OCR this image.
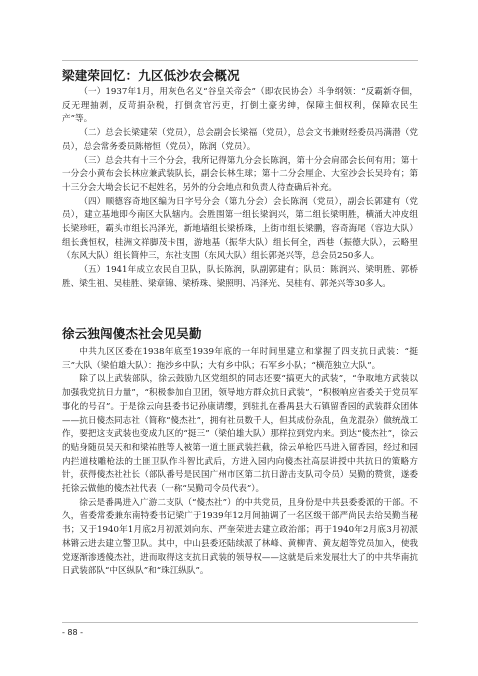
梁建荣回忆：九区低沙农会概况

（一）1937年1月，用灰色名义“谷皇关帝会”（即农民协会）斗争纲领：“反霸新夺佃，反无理抽剥，反苛捐杂税，打倒贪官污吏，打倒土豪劣绅，保障主佃权利，保障农民生产”等。

（二）总会长梁建荣（党员），总会副会长梁福（党员），总会文书兼财经委员冯满潜（党员），总会常务委员陈榕恒（党员），陈润（党员）。

（三）总会共有十三个分会，我所记得第九分会长陈润，第十分会肩邵会长何有用；第十一分会小黄布会长林应兼武装队长，副会长林生球；第十二分会厘企、大室沙会长吴玲有；第十三分会大坳会长记不起姓名，另外的分会地点和负责人待查确后补充。

（四）顺德容奇地区编为日字号分会（第九分会）会长陈润（党员），副会长郭建有（党员），建立基地即今南区大队辖内。会胜围第一组长梁润兴，第二组长梁明胜，横涌大冲皮组长梁珍旺，霸头市组长冯泽光，新地墙组长梁桥珠，上街市组长梁鹏，容奇海尾（容边大队）组长龚恒权，桂洲文祥脚茂卡围，游地基（振华大队）组长何全，西巷（振德大队），云略里（东风大队）组长简仲三，东社支围（东风大队）组长郭尧兴等，总会员250多人。

（五）1941年成立农民自卫队，队长陈润，队副郭建有；队员：陈润兴、梁明胜、郭桥胜、梁生祖、吴桂胜、梁章锦、梁桥珠、梁照明、冯泽光、吴桂有、郭尧兴等30多人。

徐云独闯傻杰社会见吴勤

中共九区区委在1938年底至1939年底的一年时间里建立和掌握了四支抗日武装：“挺三”大队（梁伯雄大队）：拖沙乡中队；大有乡中队；石军乡小队；“横范独立大队”。

除了以上武装部队，徐云鼓励九区党组织的同志还要“搞更大的武装”，“争取地方武装以加强我党抗日力量”，“积极参加自卫团，领导地方群众抗日武装”，“积极响应省委关于党员军事化的号召”。于是徐云向县委书记孙康请缨，到驻扎在番禺县大石镇留香园的武装群众团体——抗日傻杰同志社（简称“傻杰社”，拥有社员数千人，但其成份杂乱，鱼龙混杂）做统战工作，要把这支武装也变成九区的“挺三”（梁伯雄大队）那样拉到党内来。到达“傻杰社”，徐云的贴身随员吴天和和梁祐胜等人被第一道土匪武装拦截，徐云单枪匹马进入留香园，经过和园内拦道枝雕枪法的土匪卫队作斗智比武后，方进入园内向傻杰社高层讲授中共抗日的策略方针，获得傻杰社社长（部队番号是民国广州市区第二抗日游击支队司令员）吴勤的赞赏，遂委托徐云做他的傻杰社代表（一称“吴勤司令员代表”）。

徐云是番禺进入广游二支队（“傻杰社”）的中共党员，且身份是中共县委委派的干部。不久，省委常委兼东南特委书记梁广于1939年12月间抽调了一名区级干部严尚民去给吴勤当秘书；又于1940年1月底2月初派刘向东、严奎荣进去建立政治部；再于1940年2月底3月初派林锵云进去建立警卫队。其中，中山县委还陆续派了林峰、黄柳青、黄友超等党员加入，使我党逐渐渗透傻杰社，进而取得这支抗日武装的领导权——这就是后来发展壮大了的中共华南抗日武装部队“中区纵队”和“珠江纵队”。

- 88 -
